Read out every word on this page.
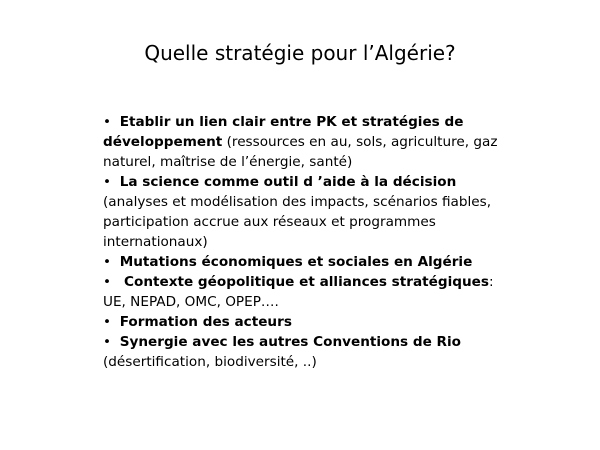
Quelle stratégie pour l’Algérie?
• Etablir un lien clair entre PK et stratégies de développement (ressources en au, sols, agriculture, gaz naturel, maîtrise de l’énergie, santé)
• La science comme outil d ’aide à la décision (analyses et modélisation des impacts, scénarios fiables, participation accrue aux réseaux et programmes internationaux)
• Mutations économiques et sociales en Algérie
• Contexte géopolitique et alliances stratégiques: UE, NEPAD, OMC, OPEP….
• Formation des acteurs
• Synergie avec les autres Conventions de Rio (désertification, biodiversité, ..)
